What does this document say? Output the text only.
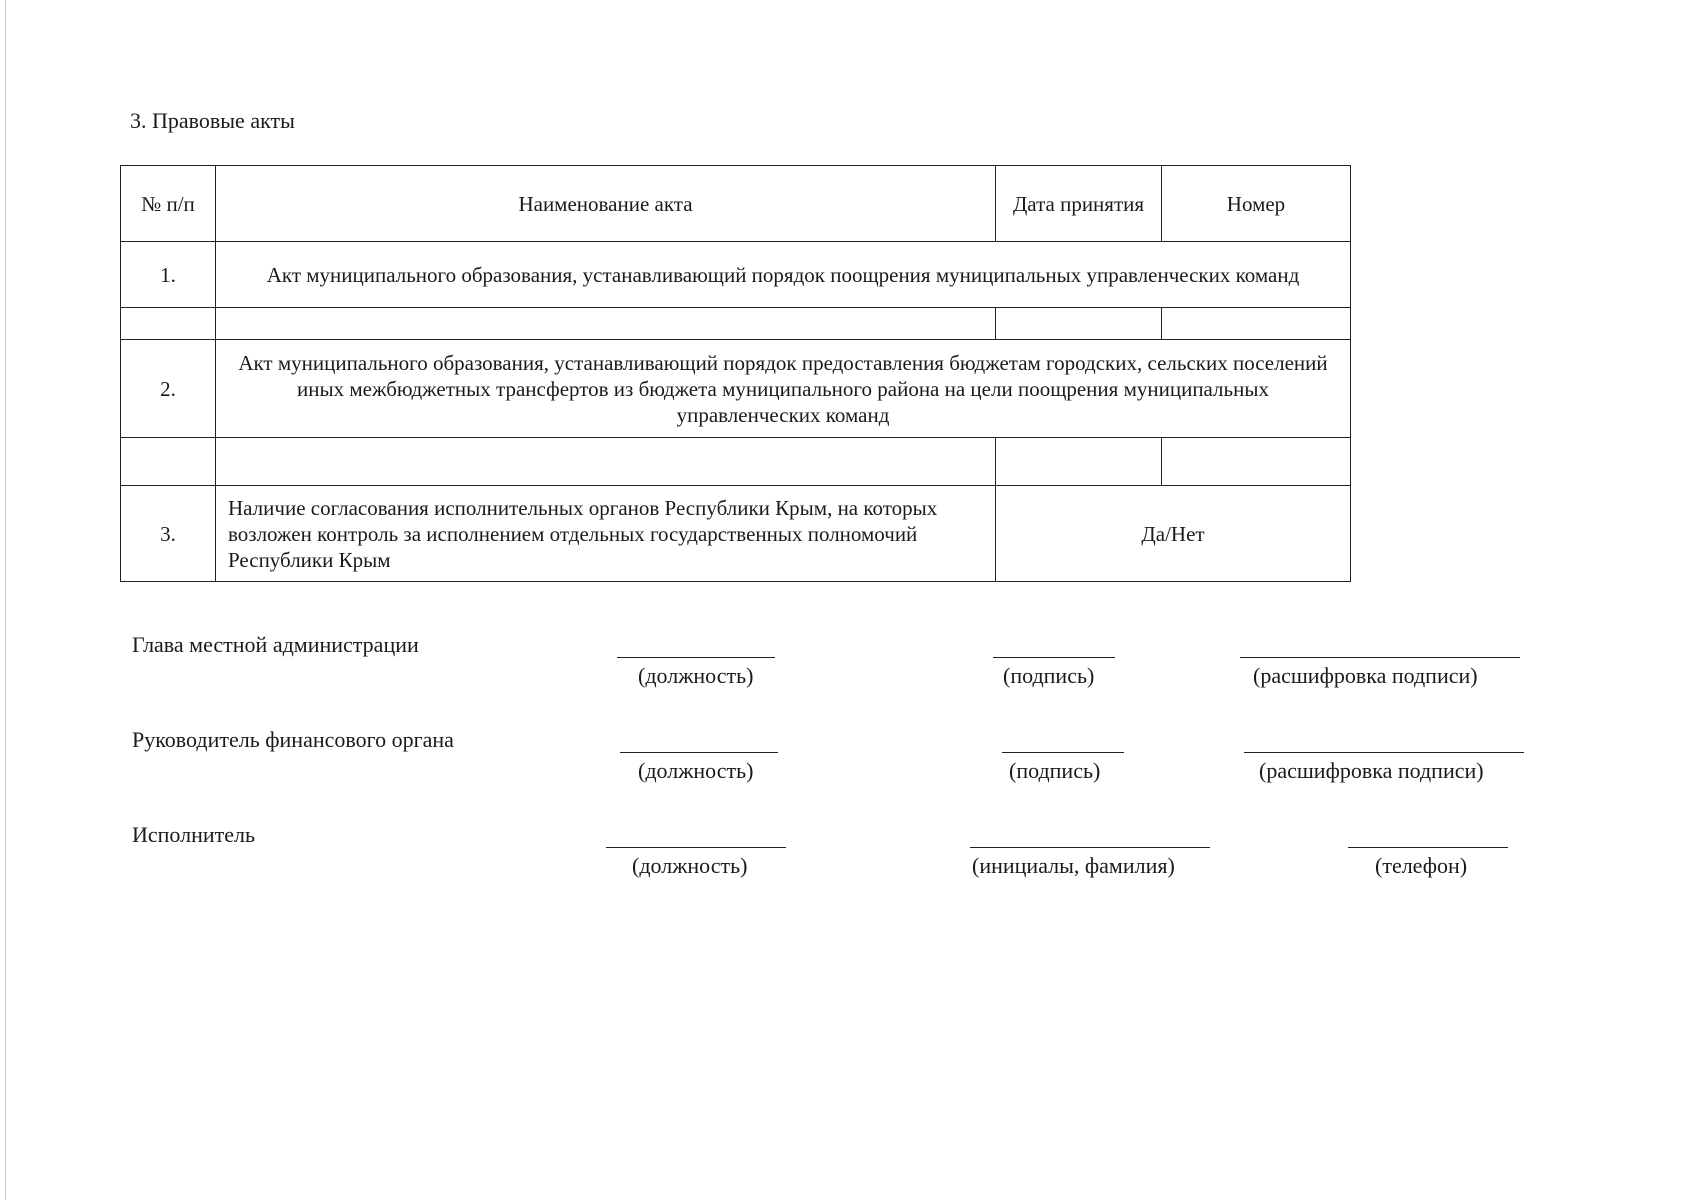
3. Правовые акты
№ п/п	Наименование акта	Дата принятия	Номер
1.	Акт муниципального образования, устанавливающий порядок поощрения муниципальных управленческих команд		

2.	Акт муниципального образования, устанавливающий порядок предоставления бюджетам городских, сельских поселений иных межбюджетных трансфертов из бюджета муниципального района на цели поощрения муниципальных управленческих команд		

3.	Наличие согласования исполнительных органов Республики Крым, на которых возложен контроль за исполнением отдельных государственных полномочий Республики Крым	Да/Нет	
Глава местной администрации
(должность)	(подпись)	(расшифровка подписи)
Руководитель финансового органа
(должность)	(подпись)	(расшифровка подписи)
Исполнитель
(должность)	(инициалы, фамилия)	(телефон)
